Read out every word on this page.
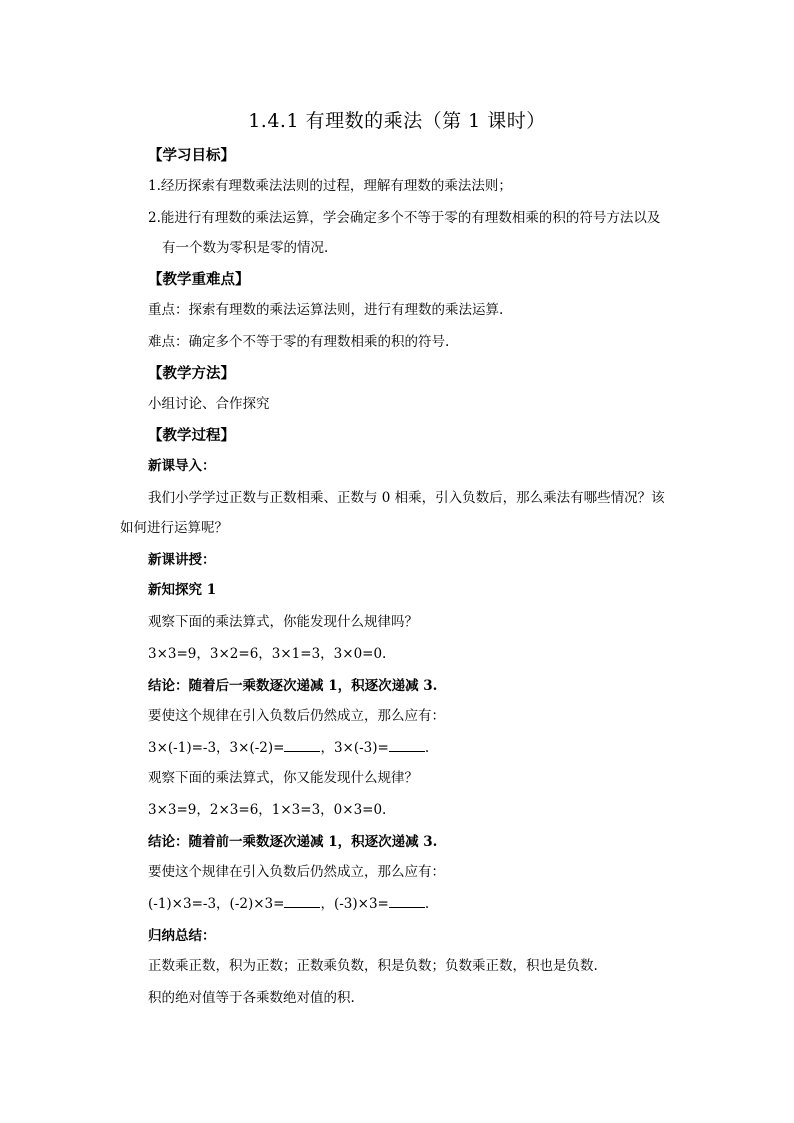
1.4.1 有理数的乘法（第 1 课时）
【学习目标】
1.经历探索有理数乘法法则的过程，理解有理数的乘法法则；
2.能进行有理数的乘法运算，学会确定多个不等于零的有理数相乘的积的符号方法以及
有一个数为零积是零的情况.
【教学重难点】
重点：探索有理数的乘法运算法则，进行有理数的乘法运算.
难点：确定多个不等于零的有理数相乘的积的符号.
【教学方法】
小组讨论、合作探究
【教学过程】
新课导入：
我们小学学过正数与正数相乘、正数与 0 相乘，引入负数后，那么乘法有哪些情况？该
如何进行运算呢？
新课讲授：
新知探究 1
观察下面的乘法算式，你能发现什么规律吗？
3×3=9，3×2=6，3×1=3，3×0=0.
结论：随着后一乘数逐次递减 1，积逐次递减 3.
要使这个规律在引入负数后仍然成立，那么应有：
3×(-1)=-3，3×(-2)=	，3×(-3)=	.
观察下面的乘法算式，你又能发现什么规律？
3×3=9，2×3=6，1×3=3，0×3=0.
结论：随着前一乘数逐次递减 1，积逐次递减 3.
要使这个规律在引入负数后仍然成立，那么应有：
(-1)×3=-3，(-2)×3=	，(-3)×3=	.
归纳总结：
正数乘正数，积为正数；正数乘负数，积是负数；负数乘正数，积也是负数.
积的绝对值等于各乘数绝对值的积.
